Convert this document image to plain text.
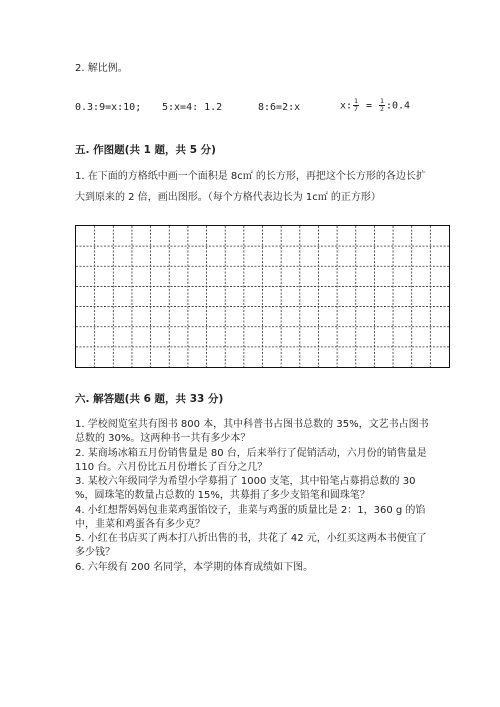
2. 解比例。
0.3:9=x:10; 5:x=4: 1.2	8:6=2:x	x: $\frac{1}{7} = \frac{1}{2}$ :0.4
五. 作图题(共 1 题，共 5 分)
1. 在下面的方格纸中画一个面积是 8c㎡ 的长方形，再把这个长方形的各边长扩
大到原来的 2 倍，画出图形。（每个方格代表边长为 1c㎡ 的正方形）
六. 解答题(共 6 题，共 33 分)
1. 学校阅览室共有图书 800 本，其中科普书占图书总数的 35%，文艺书占图书
总数的 30%。这两种书一共有多少本？
2. 某商场冰箱五月份销售量是 80 台，后来举行了促销活动，六月份的销售量是
110 台。六月份比五月份增长了百分之几？
3. 某校六年级同学为希望小学募捐了 1000 支笔，其中铅笔占募捐总数的 30
%，圆珠笔的数量占总数的 15%，共募捐了多少支铅笔和圆珠笔？
4. 小红想帮妈妈包韭菜鸡蛋馅饺子，韭菜与鸡蛋的质量比是 2：1，360 g 的馅
中，韭菜和鸡蛋各有多少克？
5. 小红在书店买了两本打八折出售的书，共花了 42 元，小红买这两本书便宜了
多少钱？
6. 六年级有 200 名同学，本学期的体育成绩如下图。
